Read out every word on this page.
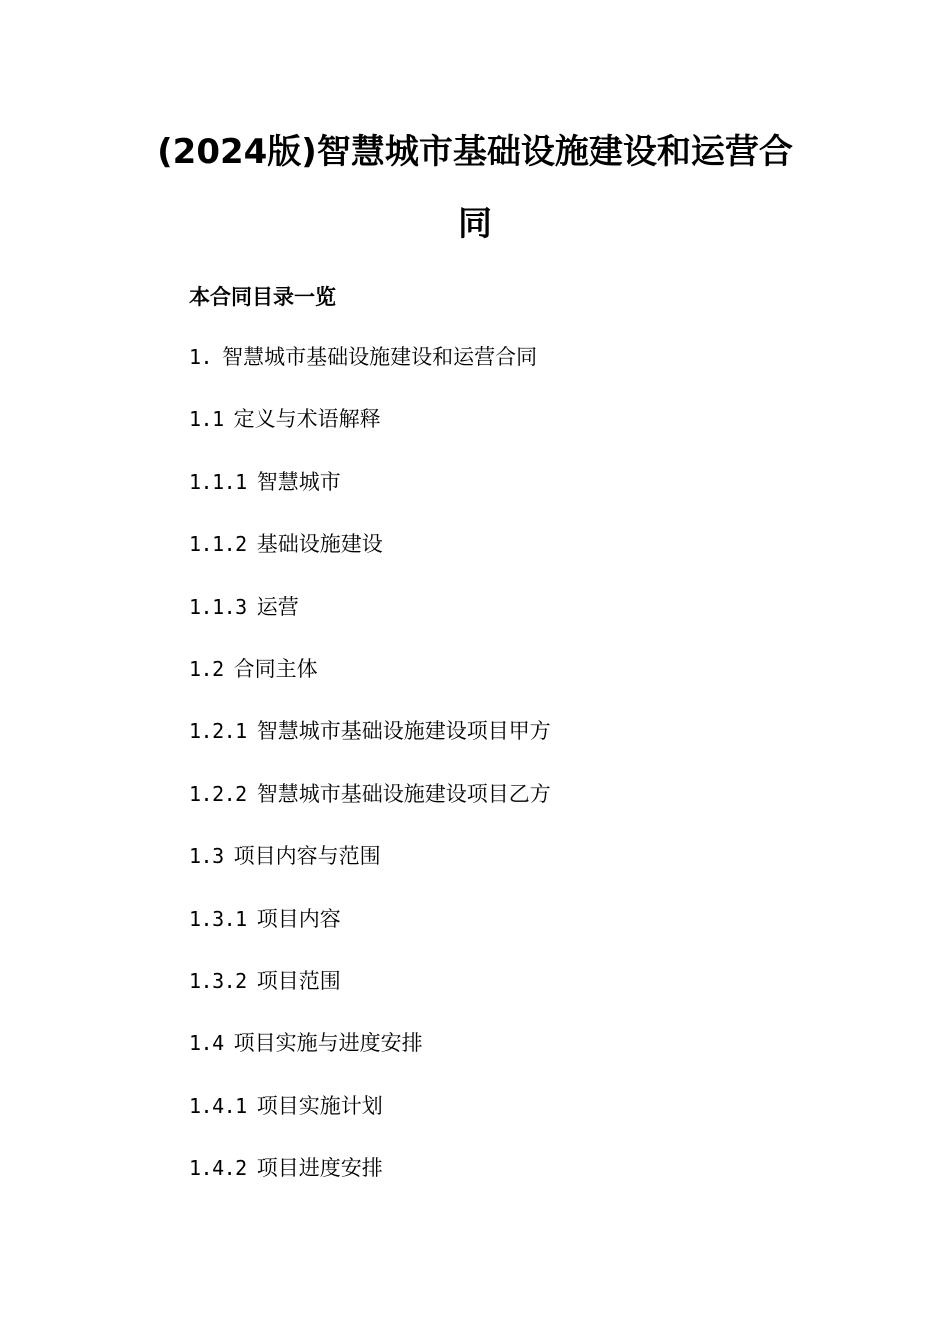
(2024版)智慧城市基础设施建设和运营合
同
本合同目录一览
1. 智慧城市基础设施建设和运营合同
1.1 定义与术语解释
1.1.1 智慧城市
1.1.2 基础设施建设
1.1.3 运营
1.2 合同主体
1.2.1 智慧城市基础设施建设项目甲方
1.2.2 智慧城市基础设施建设项目乙方
1.3 项目内容与范围
1.3.1 项目内容
1.3.2 项目范围
1.4 项目实施与进度安排
1.4.1 项目实施计划
1.4.2 项目进度安排
